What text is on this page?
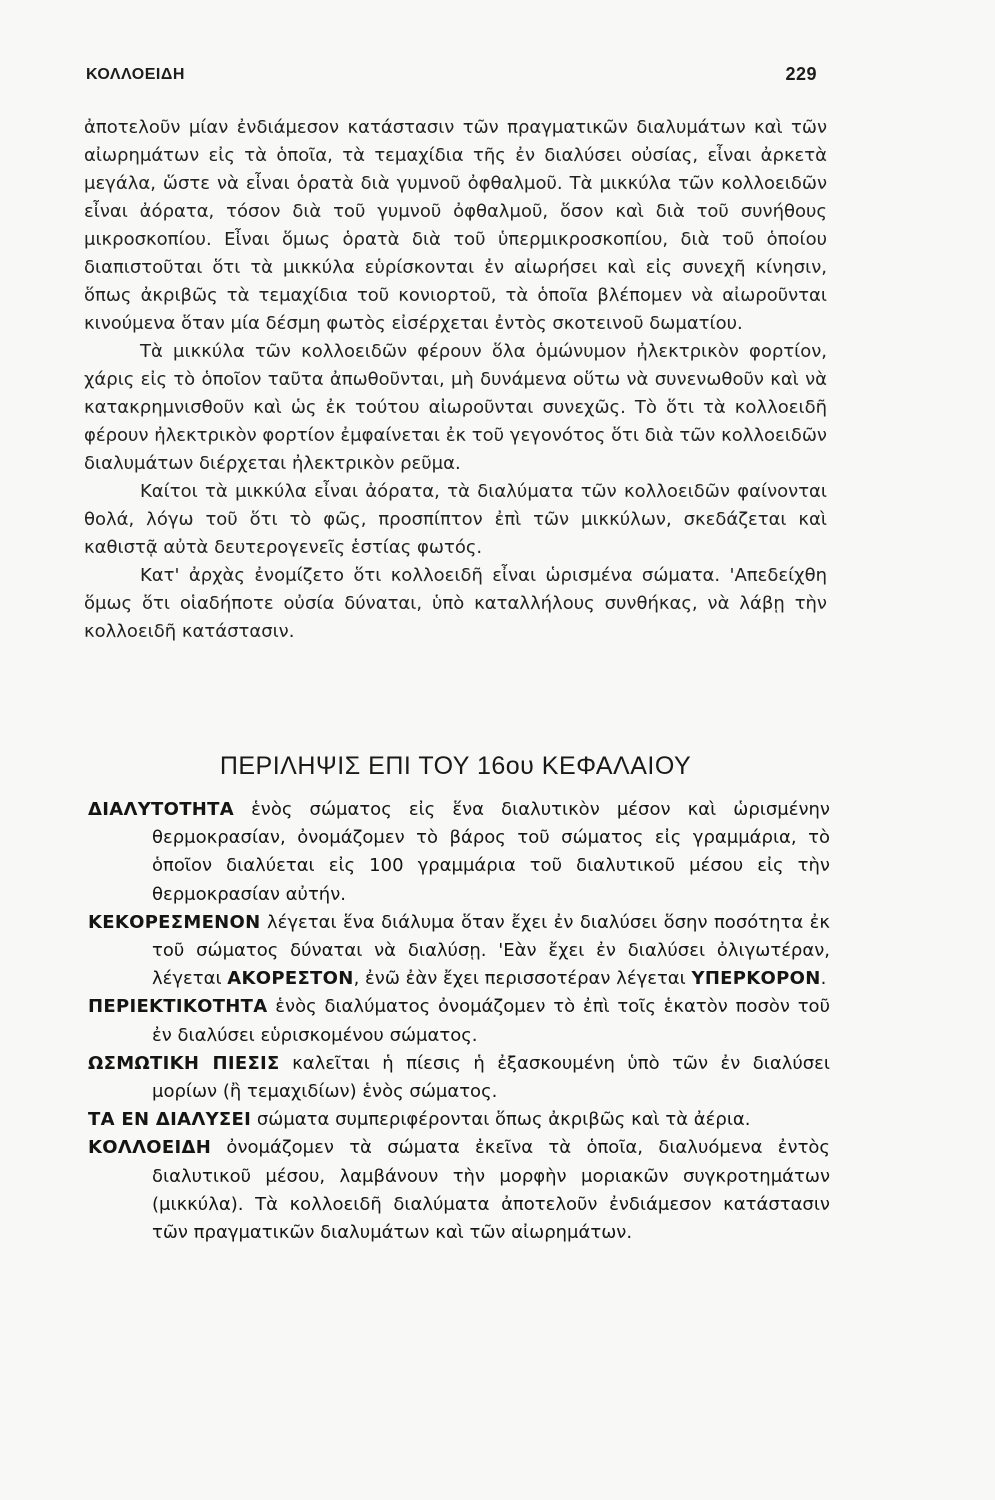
ΚΟΛΛΟΕΙΔΗ	229

ἀποτελοῦν μίαν ἐνδιάμεσον κατάστασιν τῶν πραγματικῶν διαλυμάτων καὶ τῶν αἰωρημάτων εἰς τὰ ὁποῖα, τὰ τεμαχίδια τῆς ἐν διαλύσει οὐσίας, εἶναι ἀρκετὰ μεγάλα, ὥστε νὰ εἶναι ὁρατὰ διὰ γυμνοῦ ὀφθαλμοῦ. Τὰ μικκύλα τῶν κολλοειδῶν εἶναι ἀόρατα, τόσον διὰ τοῦ γυμνοῦ ὀφθαλμοῦ, ὅσον καὶ διὰ τοῦ συνήθους μικροσκοπίου. Εἶναι ὅμως ὁρατὰ διὰ τοῦ ὑπερμικροσκοπίου, διὰ τοῦ ὁποίου διαπιστοῦται ὅτι τὰ μικκύλα εὑρίσκονται ἐν αἰωρήσει καὶ εἰς συνεχῆ κίνησιν, ὅπως ἀκριβῶς τὰ τεμαχίδια τοῦ κονιορτοῦ, τὰ ὁποῖα βλέπομεν νὰ αἰωροῦνται κινούμενα ὅταν μία δέσμη φωτὸς εἰσέρχεται ἐντὸς σκοτεινοῦ δωματίου.

Τὰ μικκύλα τῶν κολλοειδῶν φέρουν ὅλα ὁμώνυμον ἠλεκτρικὸν φορτίον, χάρις εἰς τὸ ὁποῖον ταῦτα ἀπωθοῦνται, μὴ δυνάμενα οὕτω νὰ συνενωθοῦν καὶ νὰ κατακρημνισθοῦν καὶ ὡς ἐκ τούτου αἰωροῦνται συνεχῶς. Τὸ ὅτι τὰ κολλοειδῆ φέρουν ἠλεκτρικὸν φορτίον ἐμφαίνεται ἐκ τοῦ γεγονότος ὅτι διὰ τῶν κολλοειδῶν διαλυμάτων διέρχεται ἠλεκτρικὸν ρεῦμα.

Καίτοι τὰ μικκύλα εἶναι ἀόρατα, τὰ διαλύματα τῶν κολλοειδῶν φαίνονται θολά, λόγω τοῦ ὅτι τὸ φῶς, προσπίπτον ἐπὶ τῶν μικκύλων, σκεδάζεται καὶ καθιστᾷ αὐτὰ δευτερογενεῖς ἑστίας φωτός.

Κατ' ἀρχὰς ἐνομίζετο ὅτι κολλοειδῆ εἶναι ὡρισμένα σώματα. 'Απεδείχθη ὅμως ὅτι οἱαδήποτε οὐσία δύναται, ὑπὸ καταλλήλους συνθήκας, νὰ λάβῃ τὴν κολλοειδῆ κατάστασιν.

ΠΕΡΙΛΗΨΙΣ ΕΠΙ ΤΟΥ 16ου ΚΕΦΑΛΑΙΟΥ

ΔΙΑΛΥΤΟΤΗΤΑ ἑνὸς σώματος εἰς ἕνα διαλυτικὸν μέσον καὶ ὡρισμένην θερμοκρασίαν, ὀνομάζομεν τὸ βάρος τοῦ σώματος εἰς γραμμάρια, τὸ ὁποῖον διαλύεται εἰς 100 γραμμάρια τοῦ διαλυτικοῦ μέσου εἰς τὴν θερμοκρασίαν αὐτήν.

ΚΕΚΟΡΕΣΜΕΝΟΝ λέγεται ἕνα διάλυμα ὅταν ἔχει ἐν διαλύσει ὅσην ποσότητα ἐκ τοῦ σώματος δύναται νὰ διαλύσῃ. 'Εὰν ἔχει ἐν διαλύσει ὀλιγωτέραν, λέγεται ΑΚΟΡΕΣΤΟΝ, ἐνῶ ἐὰν ἔχει περισσοτέραν λέγεται ΥΠΕΡΚΟΡΟΝ.

ΠΕΡΙΕΚΤΙΚΟΤΗΤΑ ἑνὸς διαλύματος ὀνομάζομεν τὸ ἐπὶ τοῖς ἑκατὸν ποσὸν τοῦ ἐν διαλύσει εὑρισκομένου σώματος.

ΩΣΜΩΤΙΚΗ ΠΙΕΣΙΣ καλεῖται ἡ πίεσις ἡ ἐξασκουμένη ὑπὸ τῶν ἐν διαλύσει μορίων (ἢ τεμαχιδίων) ἑνὸς σώματος.

ΤΑ ΕΝ ΔΙΑΛΥΣΕΙ σώματα συμπεριφέρονται ὅπως ἀκριβῶς καὶ τὰ ἀέρια.

ΚΟΛΛΟΕΙΔΗ ὀνομάζομεν τὰ σώματα ἐκεῖνα τὰ ὁποῖα, διαλυόμενα ἐντὸς διαλυτικοῦ μέσου, λαμβάνουν τὴν μορφὴν μοριακῶν συγκροτημάτων (μικκύλα). Τὰ κολλοειδῆ διαλύματα ἀποτελοῦν ἐνδιάμεσον κατάστασιν τῶν πραγματικῶν διαλυμάτων καὶ τῶν αἰωρημάτων.
